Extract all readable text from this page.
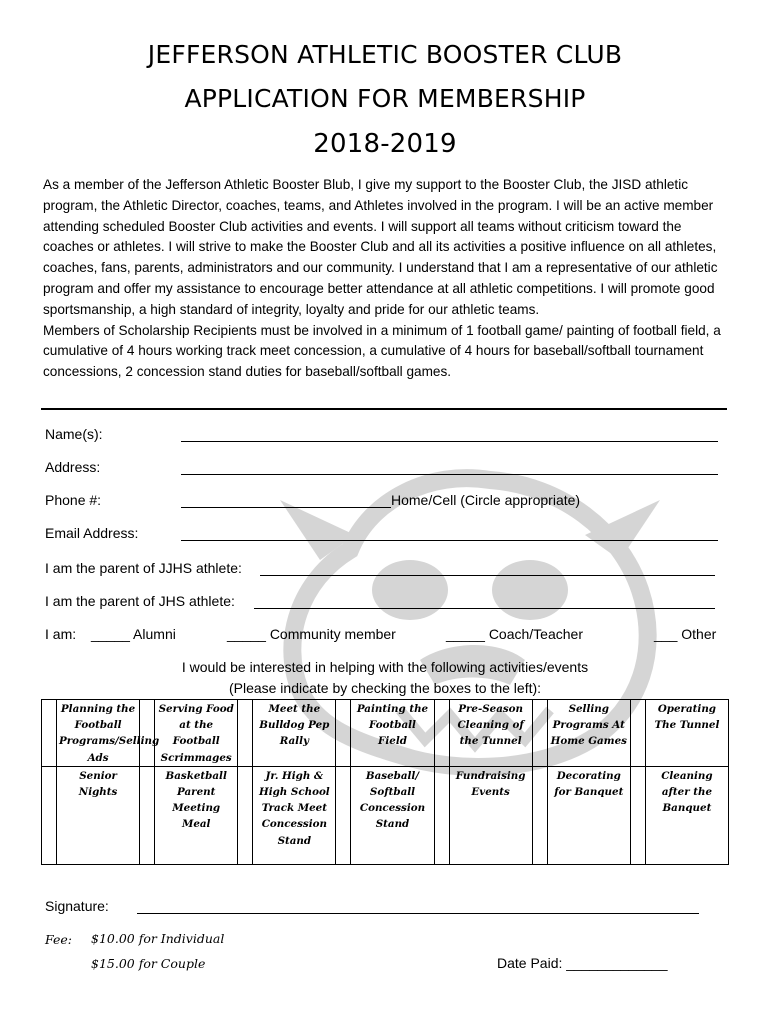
JEFFERSON ATHLETIC BOOSTER CLUB
APPLICATION FOR MEMBERSHIP
2018-2019

As a member of the Jefferson Athletic Booster Blub, I give my support to the Booster Club, the JISD athletic program, the Athletic Director, coaches, teams, and Athletes involved in the program. I will be an active member attending scheduled Booster Club activities and events. I will support all teams without criticism toward the coaches or athletes. I will strive to make the Booster Club and all its activities a positive influence on all athletes, coaches, fans, parents, administrators and our community. I understand that I am a representative of our athletic program and offer my assistance to encourage better attendance at all athletic competitions. I will promote good sportsmanship, a high standard of integrity, loyalty and pride for our athletic teams.

Members of Scholarship Recipients must be involved in a minimum of 1 football game/ painting of football field, a cumulative of 4 hours working track meet concession, a cumulative of 4 hours for baseball/softball tournament concessions, 2 concession stand duties for baseball/softball games.

Name(s):
Address:
Phone #:	Home/Cell (Circle appropriate)
Email Address:
I am the parent of JJHS athlete:
I am the parent of JHS athlete:
I am: _____ Alumni	_____ Community member	_____ Coach/Teacher	___ Other
I would be interested in helping with the following activities/events
(Please indicate by checking the boxes to the left):
	Planning the Football Programs/Selling Ads		Serving Food at the Football Scrimmages		Meet the Bulldog Pep Rally		Painting the Football Field		Pre-Season Cleaning of the Tunnel		Selling Programs At Home Games		Operating The Tunnel
	Senior Nights		Basketball Parent Meeting Meal		Jr. High & High School Track Meet Concession Stand		Baseball/ Softball Concession Stand		Fundraising Events		Decorating for Banquet		Cleaning after the Banquet
Signature:
Fee: $10.00 for Individual
$15.00 for Couple	Date Paid: _____________
